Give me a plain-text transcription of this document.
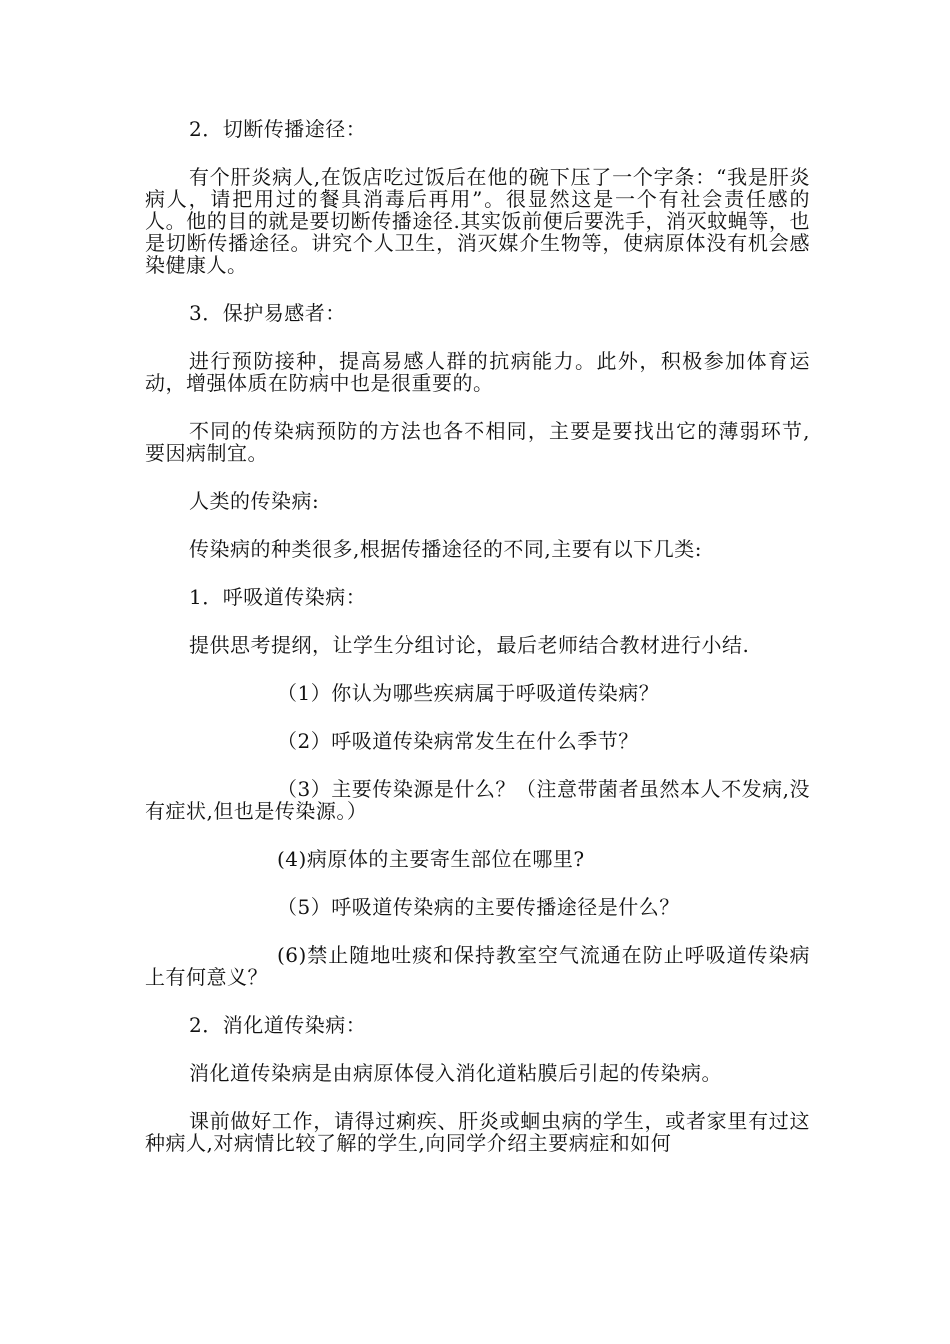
2．切断传播途径：

有个肝炎病人,在饭店吃过饭后在他的碗下压了一个字条：“我是肝炎病人，请把用过的餐具消毒后再用”。很显然这是一个有社会责任感的人。他的目的就是要切断传播途径.其实饭前便后要洗手，消灭蚊蝇等，也是切断传播途径。讲究个人卫生，消灭媒介生物等，使病原体没有机会感染健康人。

3．保护易感者：

进行预防接种，提高易感人群的抗病能力。此外，积极参加体育运动，增强体质在防病中也是很重要的。

不同的传染病预防的方法也各不相同，主要是要找出它的薄弱环节,要因病制宜。

人类的传染病:

传染病的种类很多,根据传播途径的不同,主要有以下几类:

1．呼吸道传染病：

提供思考提纲，让学生分组讨论，最后老师结合教材进行小结.

（1）你认为哪些疾病属于呼吸道传染病？

（2）呼吸道传染病常发生在什么季节？

（3）主要传染源是什么？（注意带菌者虽然本人不发病,没有症状,但也是传染源。）

(4)病原体的主要寄生部位在哪里?

（5）呼吸道传染病的主要传播途径是什么？

(6)禁止随地吐痰和保持教室空气流通在防止呼吸道传染病上有何意义？

2．消化道传染病：

消化道传染病是由病原体侵入消化道粘膜后引起的传染病。

课前做好工作，请得过痢疾、肝炎或蛔虫病的学生，或者家里有过这种病人,对病情比较了解的学生,向同学介绍主要病症和如何
